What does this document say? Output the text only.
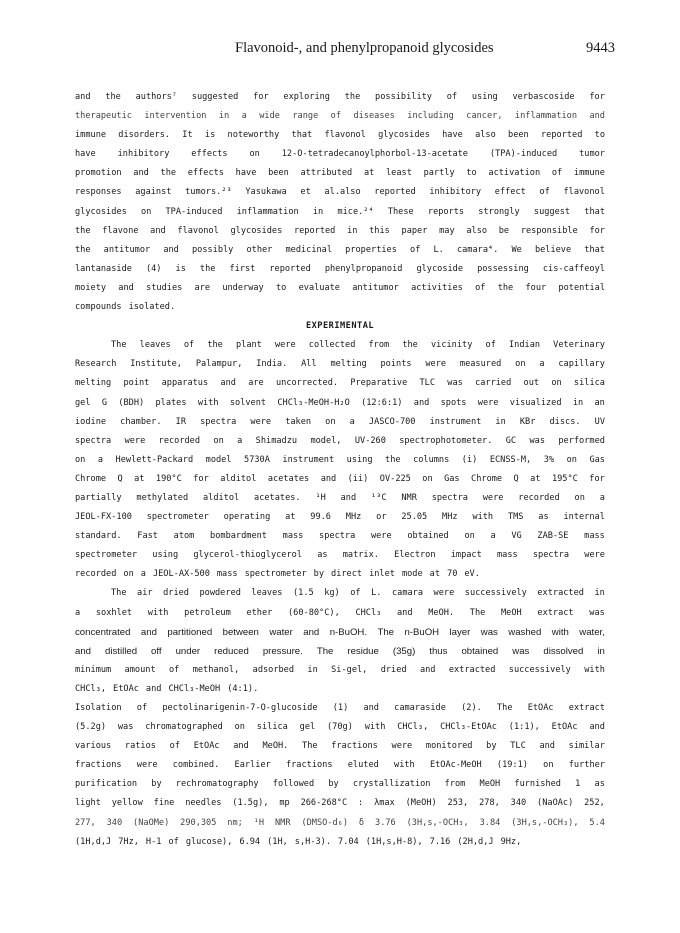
Flavonoid-, and phenylpropanoid glycosides	9443
and the authors⁷ suggested for exploring the possibility of using verbascoside for
therapeutic intervention in a wide range of diseases including cancer, inflammation and
immune disorders. It is noteworthy that flavonol glycosides have also been reported to
have	inhibitory	effects	on	12-O-tetradecanoylphorbol-13-acetate	(TPA)-induced	tumor
promotion and the effects have been attributed at least partly to activation of immune
responses against tumors.²³ Yasukawa et al.also reported inhibitory effect of flavonol
glycosides on TPA-induced inflammation in mice.²⁴ These reports strongly suggest that
the flavone and flavonol glycosides reported in this paper may also be responsible for
the antitumor and possibly other medicinal properties of L. camara⁴. We believe that
lantanaside (4) is the first reported phenylpropanoid glycoside possessing cis-caffeoyl
moiety and studies are underway to evaluate antitumor activities of the four potential
compounds isolated.
EXPERIMENTAL
The leaves of the plant were collected from the vicinity of Indian Veterinary
Research Institute, Palampur, India. All melting points were measured on a capillary
melting point apparatus and are uncorrected. Preparative TLC was carried out on silica
gel G (BDH) plates with solvent CHCl₃-MeOH-H₂O (12:6:1) and spots were visualized in an
iodine chamber. IR spectra were taken on a JASCO-700 instrument in KBr discs. UV
spectra were recorded on a Shimadzu model, UV-260 spectrophotometer. GC was performed
on a Hewlett-Packard model 5730A instrument using the columns (i) ECNSS-M, 3% on Gas
Chrome Q at 190°C for alditol acetates and (ii) OV-225 on Gas Chrome Q at 195°C for
partially methylated alditol acetates. ¹H and ¹³C NMR spectra were recorded on a
JEOL-FX-100 spectrometer operating at 99.6 MHz or 25.05 MHz with TMS as internal
standard. Fast atom bombardment mass spectra were obtained on a VG ZAB-SE mass
spectrometer using glycerol-thioglycerol as matrix. Electron impact mass spectra were
recorded on a JEOL-AX-500 mass spectrometer by direct inlet mode at 70 eV.
The air dried powdered leaves (1.5 kg) of L. camara were successively extracted in
a soxhlet with petroleum ether (60-80°C), CHCl₃ and MeOH. The MeOH extract was
concentrated and partitioned between water and n-BuOH. The n-BuOH layer was washed with water,
and distilled off under reduced pressure. The residue (35g) thus obtained was dissolved in
minimum amount of methanol, adsorbed in Si-gel, dried and extracted successively with
CHCl₃, EtOAc and CHCl₃-MeOH (4:1).
Isolation of pectolinarigenin-7-O-glucoside (1) and camaraside (2). The EtOAc extract
(5.2g) was chromatographed on silica gel (70g) with CHCl₃, CHCl₃-EtOAc (1:1), EtOAc and
various ratios of EtOAc and MeOH. The fractions were monitored by TLC and similar
fractions were combined. Earlier fractions eluted with EtOAc-MeOH (19:1) on further
purification by rechromatography followed by crystallization from MeOH furnished 1 as
light yellow fine needles (1.5g), mp 266-268°C : λmax (MeOH) 253, 278, 340 (NaOAc) 252,
277, 340 (NaOMe) 290,305 nm; ¹H NMR (DMSO-d₆) δ 3.76 (3H,s,-OCH₃, 3.84 (3H,s,-OCH₃), 5.4
(1H,d,J 7Hz, H-1 of glucose), 6.94 (1H, s,H-3). 7.04 (1H,s,H-8), 7.16 (2H,d,J 9Hz,
